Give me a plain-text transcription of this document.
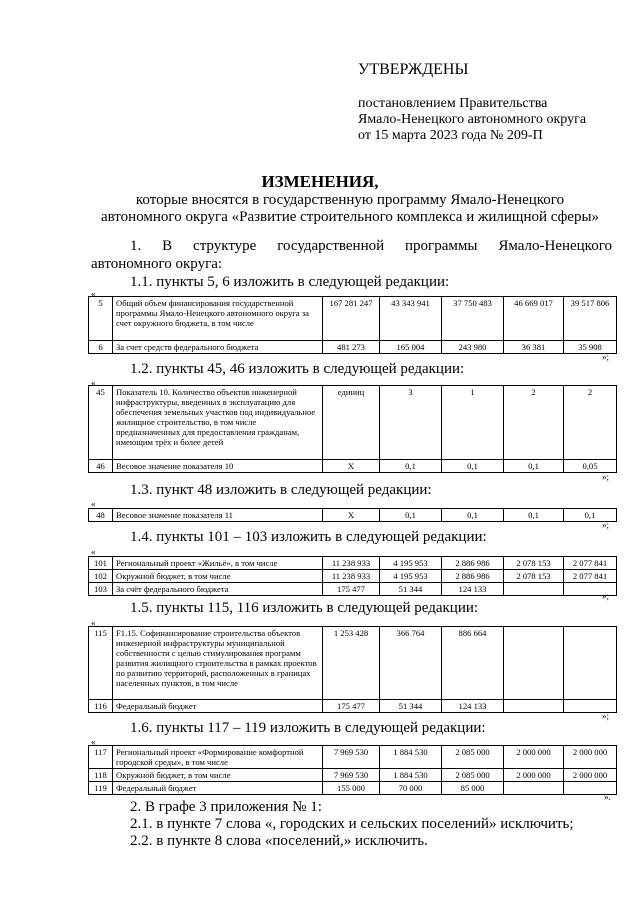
УТВЕРЖДЕНЫ
постановлением Правительства
Ямало-Ненецкого автономного округа
от 15 марта 2023 года № 209-П
ИЗМЕНЕНИЯ,
которые вносятся в государственную программу Ямало-Ненецкого
автономного округа «Развитие строительного комплекса и жилищной сферы»
1. В структуре государственной программы Ямало-Ненецкого
автономного округа:
1.1. пункты 5, 6 изложить в следующей редакции:
«
5	Общий объем финансирования государственной программы Ямало-Ненецкого автономного округа за счет окружного бюджета, в том числе	167 281 247	43 343 941	37 750 483	46 669 017	39 517 806
6	За счет средств федерального бюджета	481 273	165 004	243 980	36 381	35 908
»;
1.2. пункты 45, 46 изложить в следующей редакции:
«
45	Показатель 10. Количество объектов инженерной инфраструктуры, введенных в эксплуатацию для обеспечения земельных участков под индивидуальное жилищное строительство, в том числе предназначенных для предоставления гражданам, имеющим трёх и более детей	единиц	3	1	2	2
46	Весовое значение показателя 10	X	0,1	0,1	0,1	0,05
»;
1.3. пункт 48 изложить в следующей редакции:
«
48	Весовое значение показателя 11	X	0,1	0,1	0,1	0,1
»;
1.4. пункты 101 – 103 изложить в следующей редакции:
«
101	Региональный проект «Жильё», в том числе	11 238 933	4 195 953	2 886 986	2 078 153	2 077 841
102	Окружной бюджет, в том числе	11 238 933	4 195 953	2 886 986	2 078 153	2 077 841
103	За счёт федерального бюджета	175 477	51 344	124 133		
»;
1.5. пункты 115, 116 изложить в следующей редакции:
«
115	F1.15. Софинансирование строительства объектов инженерной инфраструктуры муниципальной собственности с целью стимулирования программ развития жилищного строительства в рамках проектов по развитию территорий, расположенных в границах населенных пунктов, в том числе	1 253 428	366 764	886 664		
116	Федеральный бюджет	175 477	51 344	124 133		
»;
1.6. пункты 117 – 119 изложить в следующей редакции:
«
117	Региональный проект «Формирование комфортной городской среды», в том числе	7 969 530	1 884 530	2 085 000	2 000 000	2 000 000
118	Окружной бюджет, в том числе	7 969 530	1 884 530	2 085 000	2 000 000	2 000 000
119	Федеральный бюджет	155 000	70 000	85 000		
».
2. В графе 3 приложения № 1:
2.1. в пункте 7 слова «, городских и сельских поселений» исключить;
2.2. в пункте 8 слова «поселений,» исключить.
